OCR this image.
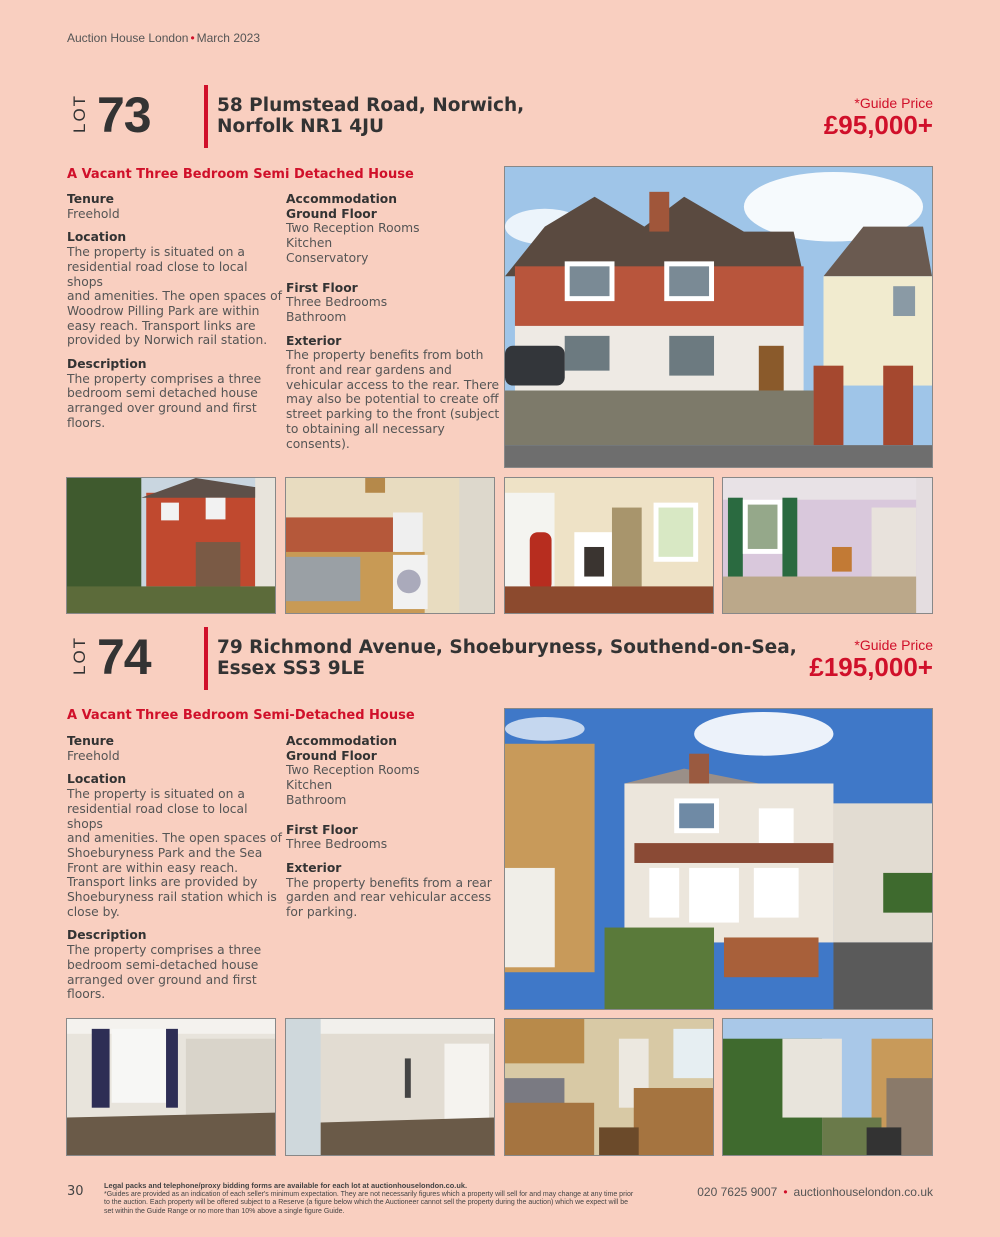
Auction House London • March 2023
LOT 73	58 Plumstead Road, Norwich,
Norfolk NR1 4JU
*Guide Price
£95,000+
A Vacant Three Bedroom Semi Detached House
Tenure
Freehold
Location
The property is situated on a
residential road close to local shops
and amenities. The open spaces of
Woodrow Pilling Park are within
easy reach. Transport links are
provided by Norwich rail station.
Description
The property comprises a three
bedroom semi detached house
arranged over ground and first
floors.
Accommodation
Ground Floor
Two Reception Rooms
Kitchen
Conservatory
First Floor
Three Bedrooms
Bathroom
Exterior
The property benefits from both
front and rear gardens and
vehicular access to the rear. There
may also be potential to create off
street parking to the front (subject
to obtaining all necessary
consents).
LOT 74	79 Richmond Avenue, Shoeburyness, Southend-on-Sea,
Essex SS3 9LE
*Guide Price
£195,000+
A Vacant Three Bedroom Semi-Detached House
Tenure
Freehold
Location
The property is situated on a
residential road close to local shops
and amenities. The open spaces of
Shoeburyness Park and the Sea
Front are within easy reach.
Transport links are provided by
Shoeburyness rail station which is
close by.
Description
The property comprises a three
bedroom semi-detached house
arranged over ground and first
floors.
Accommodation
Ground Floor
Two Reception Rooms
Kitchen
Bathroom
First Floor
Three Bedrooms
Exterior
The property benefits from a rear
garden and rear vehicular access
for parking.
30	Legal packs and telephone/proxy bidding forms are available for each lot at auctionhouselondon.co.uk.
*Guides are provided as an indication of each seller's minimum expectation. They are not necessarily figures which a property will sell for and may change at any time prior to the auction. Each property will be offered subject to a Reserve (a figure below which the Auctioneer cannot sell the property during the auction) which we expect will be set within the Guide Range or no more than 10% above a single figure Guide.
020 7625 9007 • auctionhouselondon.co.uk
